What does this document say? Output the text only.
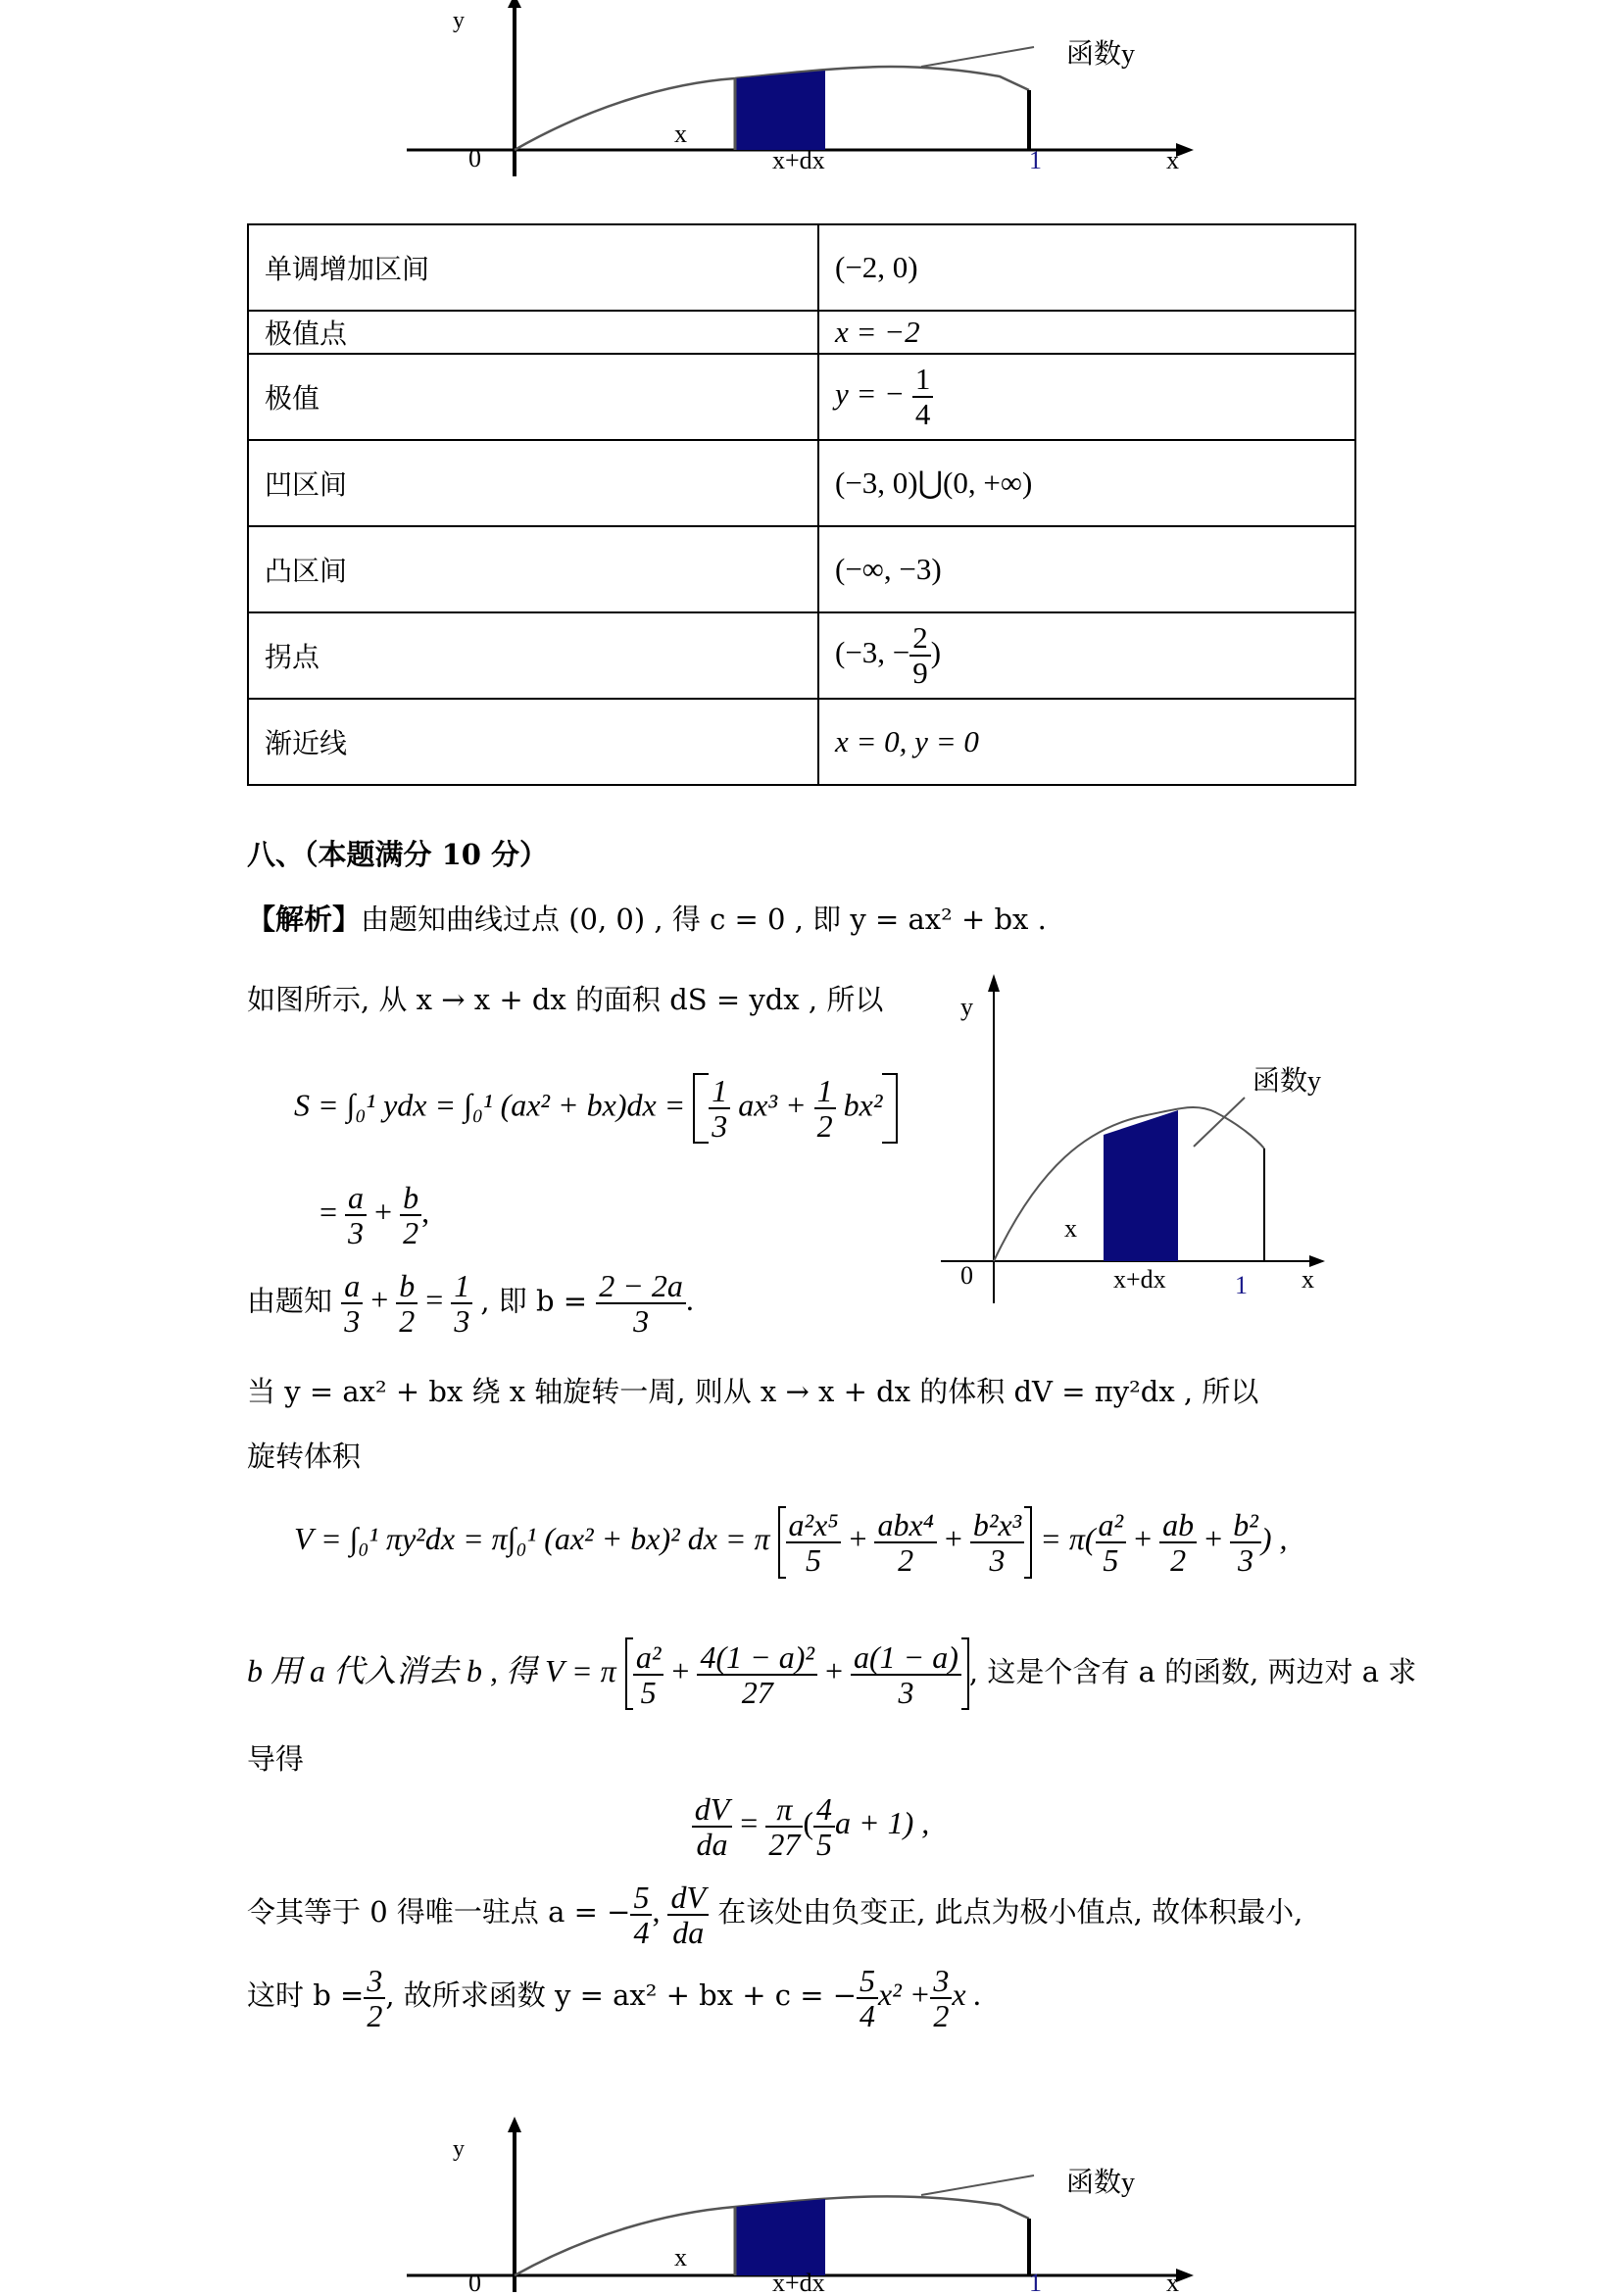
y
0
x
x+dx	1	x
函数y
单调增加区间	(−2, 0)
极值点	x = −2
极值	y = − $\frac{1}{4}$

凹区间	(−3, 0)⋃(0, +∞)
凸区间	(−∞, −3)
拐点	(−3, − $\frac{2}{9}$ )
渐近线	x = 0, y = 0
八、（本题满分 10 分）
【解析】由题知曲线过点 (0, 0) , 得 c = 0 , 即 y = ax² + bx .
如图所示, 从 x → x + dx 的面积 dS = ydx , 所以
S = ∫₀¹ ydx = ∫₀¹ $(ax^2 + bx)dx = \frac{1}{3} ax^3 + \frac{1}{2} bx^2$
= $\frac{a}{3} + \frac{b}{2}$ ,
由题知 $\frac{a}{3} + \frac{b}{2} = \frac{1}{3}$ , 即 $b = \frac{2 - 2a}{3}$ .
y
0
x
x+dx	1 x
函数y
当 y = ax² + bx 绕 x 轴旋转一周, 则从 x → x + dx 的体积 dV = πy²dx , 所以
旋转体积
V = ∫₀¹ πy²dx = π∫₀¹ (ax² + bx)² dx = π $\frac{\text{a²x⁵}}{5} + \frac{\text{abx⁴}}{2} + \frac{\text{b²x³}}{3} = \pi( \frac{\text{a²}}{5} + \frac{ab}{2} + \frac{\text{b²}}{3}$ ) ,
b 用 a 代入消去 b , 得 V = π $\frac{\text{a²}}{5} + \frac{\text{4(1 − a)²}}{27} + \frac{a(1 - a)}{3}$ , 这是个含有 a 的函数, 两边对 a 求
导得
$\frac{dV}{da} = \frac{\pi}{27}$ ( $\frac{4}{5}$ a + 1) ,
令其等于 0 得唯一驻点 a = − $\frac{5}{4}$ , $\frac{dV}{da}$ 在该处由负变正, 此点为极小值点, 故体积最小,
这时 $b = \frac{3}{2}$ , 故所求函数 y = ax² + bx + c = − $\frac{5}{4} x^2 + \frac{3}{2}$ x .
y
0
x
x+dx	1	x
函数y
